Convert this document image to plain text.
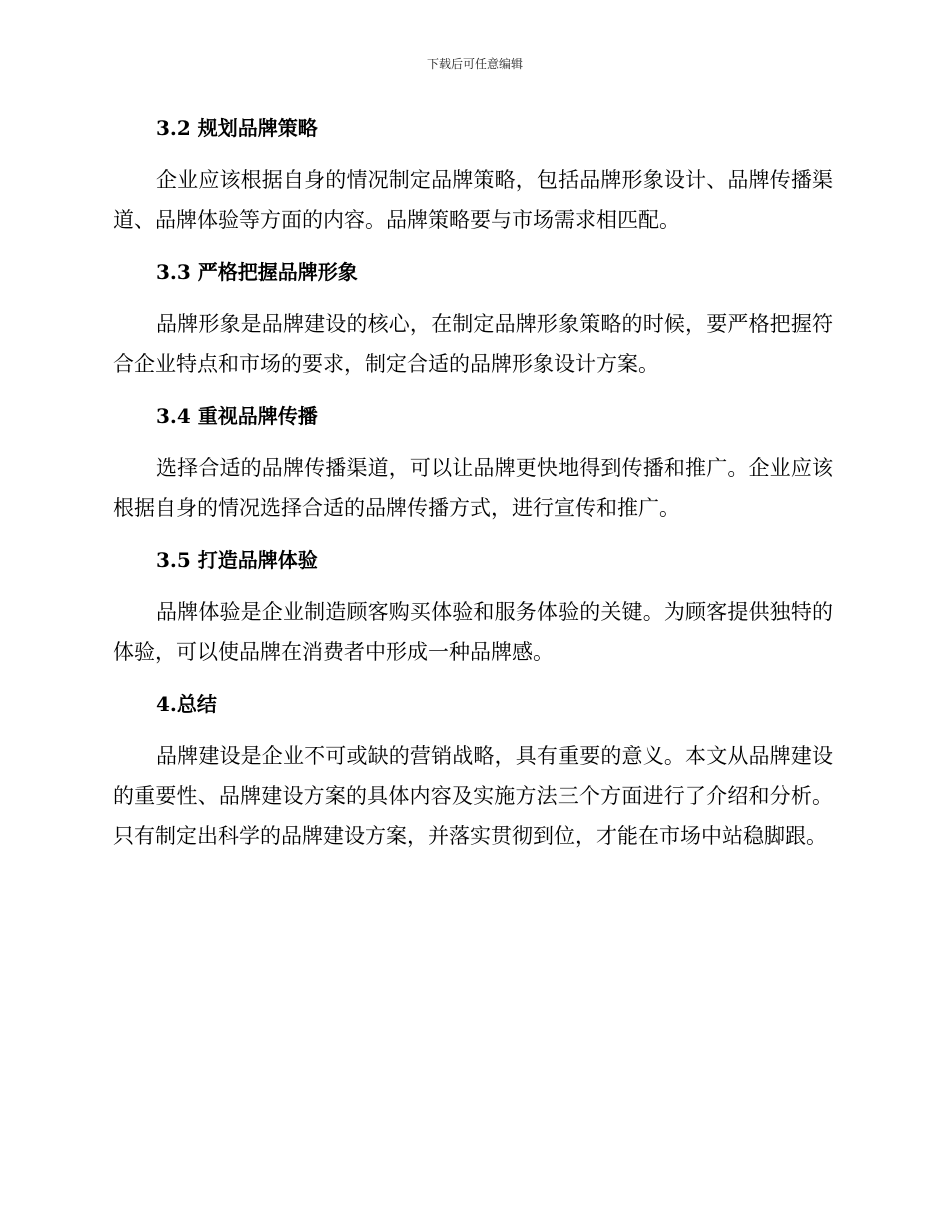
下载后可任意编辑
3.2 规划品牌策略
企业应该根据自身的情况制定品牌策略，包括品牌形象设计、品牌传播渠道、品牌体验等方面的内容。品牌策略要与市场需求相匹配。
3.3 严格把握品牌形象
品牌形象是品牌建设的核心，在制定品牌形象策略的时候，要严格把握符合企业特点和市场的要求，制定合适的品牌形象设计方案。
3.4 重视品牌传播
选择合适的品牌传播渠道，可以让品牌更快地得到传播和推广。企业应该根据自身的情况选择合适的品牌传播方式，进行宣传和推广。
3.5 打造品牌体验
品牌体验是企业制造顾客购买体验和服务体验的关键。为顾客提供独特的体验，可以使品牌在消费者中形成一种品牌感。
4.总结
品牌建设是企业不可或缺的营销战略，具有重要的意义。本文从品牌建设的重要性、品牌建设方案的具体内容及实施方法三个方面进行了介绍和分析。只有制定出科学的品牌建设方案，并落实贯彻到位，才能在市场中站稳脚跟。
